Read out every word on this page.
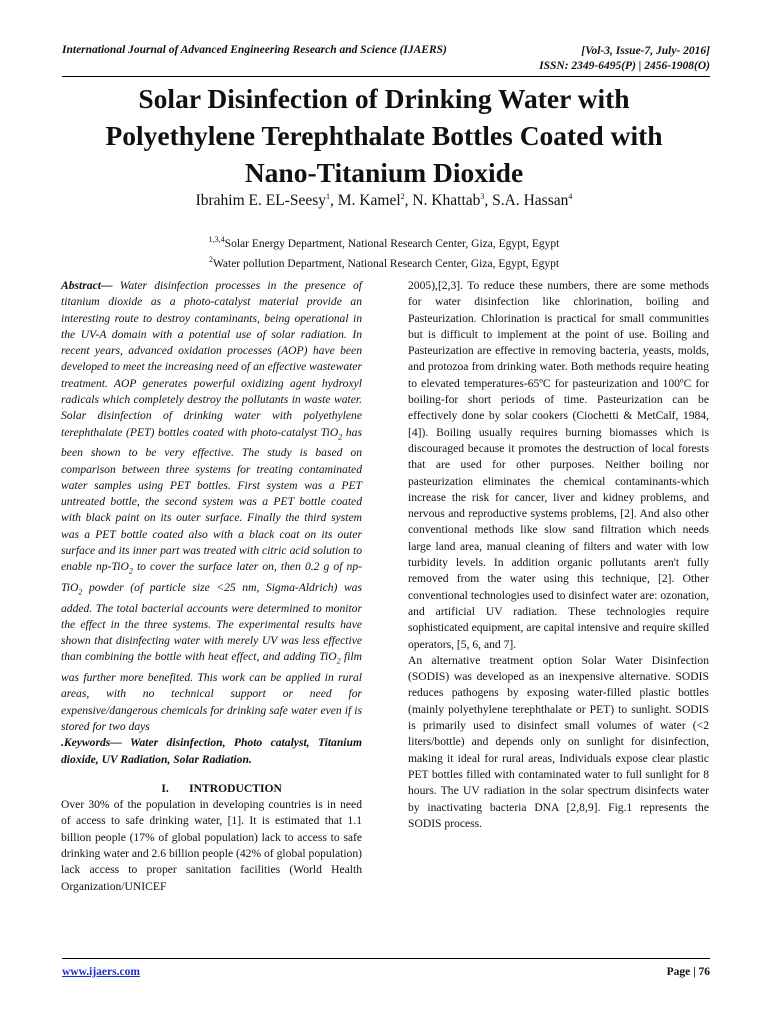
International Journal of Advanced Engineering Research and Science (IJAERS)	[Vol-3, Issue-7, July- 2016]
ISSN: 2349-6495(P) | 2456-1908(O)
Solar Disinfection of Drinking Water with
Polyethylene Terephthalate Bottles Coated with
Nano-Titanium Dioxide
Ibrahim E. EL-Seesy$^1$, M. Kamel$^2$, N. Khattab$^3$, S.A. Hassan$^4$
$^{1,3,4}$Solar Energy Department, National Research Center, Giza, Egypt, Egypt
$^2$Water pollution Department, National Research Center, Giza, Egypt, Egypt

Abstract— Water disinfection processes in the presence of titanium dioxide as a photo-catalyst material provide an interesting route to destroy contaminants, being operational in the UV-A domain with a potential use of solar radiation. In recent years, advanced oxidation processes (AOP) have been developed to meet the increasing need of an effective wastewater treatment. AOP generates powerful oxidizing agent hydroxyl radicals which completely destroy the pollutants in waste water. Solar disinfection of drinking water with polyethylene terephthalate (PET) bottles coated with photo-catalyst TiO$_2$ has been shown to be very effective. The study is based on comparison between three systems for treating contaminated water samples using PET bottles. First system was a PET untreated bottle, the second system was a PET bottle coated with black paint on its outer surface. Finally the third system was a PET bottle coated also with a black coat on its outer surface and its inner part was treated with citric acid solution to enable np-TiO$_2$ to cover the surface later on, then 0.2 g of np-TiO$_2$ powder (of particle size <25 nm, Sigma-Aldrich) was added. The total bacterial accounts were determined to monitor the effect in the three systems. The experimental results have shown that disinfecting water with merely UV was less effective than combining the bottle with heat effect, and adding TiO$_2$ film was further more benefited. This work can be applied in rural areas, with no technical support or need for expensive/dangerous chemicals for drinking safe water even if is stored for two days

.Keywords— Water disinfection, Photo catalyst, Titanium dioxide, UV Radiation, Solar Radiation.

I. INTRODUCTION

Over 30% of the population in developing countries is in need of access to safe drinking water, [1]. It is estimated that 1.1 billion people (17% of global population) lack to access to safe drinking water and 2.6 billion people (42% of global population) lack access to proper sanitation facilities (World Health Organization/UNICEF

2005),[2,3]. To reduce these numbers, there are some methods for water disinfection like chlorination, boiling and Pasteurization. Chlorination is practical for small communities but is difficult to implement at the point of use. Boiling and Pasteurization are effective in removing bacteria, yeasts, molds, and protozoa from drinking water. Both methods require heating to elevated temperatures-65ºC for pasteurization and 100ºC for boiling-for short periods of time. Pasteurization can be effectively done by solar cookers (Ciochetti & MetCalf, 1984, [4]). Boiling usually requires burning biomasses which is discouraged because it promotes the destruction of local forests that are used for other purposes. Neither boiling nor pasteurization eliminates the chemical contaminants-which increase the risk for cancer, liver and kidney problems, and nervous and reproductive systems problems, [2]. And also other conventional methods like slow sand filtration which needs large land area, manual cleaning of filters and water with low turbidity levels. In addition organic pollutants aren't fully removed from the water using this technique, [2]. Other conventional technologies used to disinfect water are: ozonation, and artificial UV radiation. These technologies require sophisticated equipment, are capital intensive and require skilled operators, [5, 6, and 7].

An alternative treatment option Solar Water Disinfection (SODIS) was developed as an inexpensive alternative. SODIS reduces pathogens by exposing water-filled plastic bottles (mainly polyethylene terephthalate or PET) to sunlight. SODIS is primarily used to disinfect small volumes of water (<2 liters/bottle) and depends only on sunlight for disinfection, making it ideal for rural areas, Individuals expose clear plastic PET bottles filled with contaminated water to full sunlight for 8 hours. The UV radiation in the solar spectrum disinfects water by inactivating bacteria DNA [2,8,9]. Fig.1 represents the SODIS process.

www.ijaers.com	Page | 76
